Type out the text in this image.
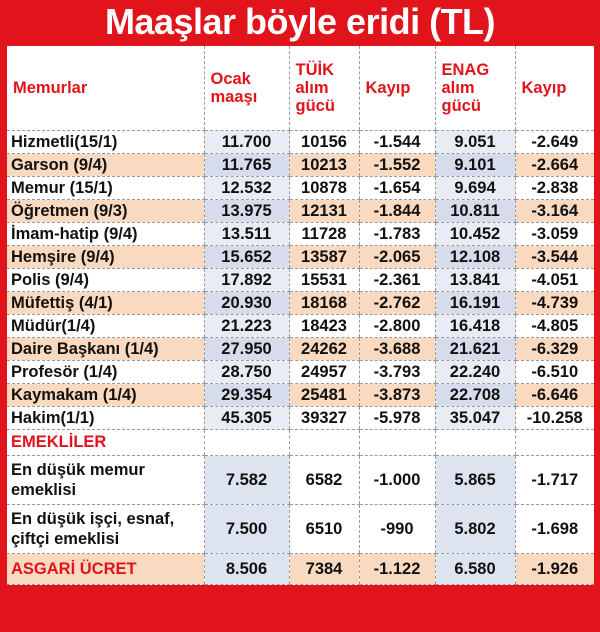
Maaşlar böyle eridi (TL)
Memurlar	Ocak maaşı	TÜİK alım gücü	Kayıp	ENAG alım gücü	Kayıp
Hizmetli(15/1)	11.700	10156	-1.544	9.051	-2.649
Garson (9/4)	11.765	10213	-1.552	9.101	-2.664
Memur (15/1)	12.532	10878	-1.654	9.694	-2.838
Öğretmen (9/3)	13.975	12131	-1.844	10.811	-3.164
İmam-hatip (9/4)	13.511	11728	-1.783	10.452	-3.059
Hemşire (9/4)	15.652	13587	-2.065	12.108	-3.544
Polis (9/4)	17.892	15531	-2.361	13.841	-4.051
Müfettiş (4/1)	20.930	18168	-2.762	16.191	-4.739
Müdür(1/4)	21.223	18423	-2.800	16.418	-4.805
Daire Başkanı (1/4)	27.950	24262	-3.688	21.621	-6.329
Profesör (1/4)	28.750	24957	-3.793	22.240	-6.510
Kaymakam (1/4)	29.354	25481	-3.873	22.708	-6.646
Hakim(1/1)	45.305	39327	-5.978	35.047	-10.258
EMEKLİLER					
En düşük memur emeklisi	7.582	6582	-1.000	5.865	-1.717
En düşük işçi, esnaf, çiftçi emeklisi	7.500	6510	-990	5.802	-1.698
ASGARİ ÜCRET	8.506	7384	-1.122	6.580	-1.926
